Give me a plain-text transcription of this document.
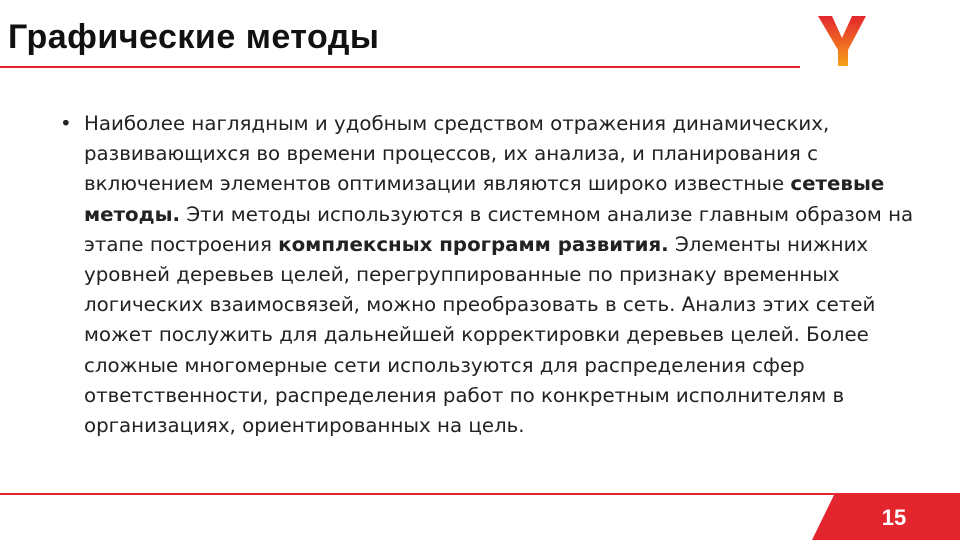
Графические методы
• Наиболее наглядным и удобным средством отражения динамических, развивающихся во времени процессов, их анализа, и планирования с включением элементов оптимизации являются широко известные сетевые методы. Эти методы используются в системном анализе главным образом на этапе построения комплексных программ развития. Элементы нижних уровней деревьев целей, перегруппированные по признаку временных логических взаимосвязей, можно преобразовать в сеть. Анализ этих сетей может послужить для дальнейшей корректировки деревьев целей. Более сложные многомерные сети используются для распределения сфер ответственности, распределения работ по конкретным исполнителям в организациях, ориентированных на цель.
15
